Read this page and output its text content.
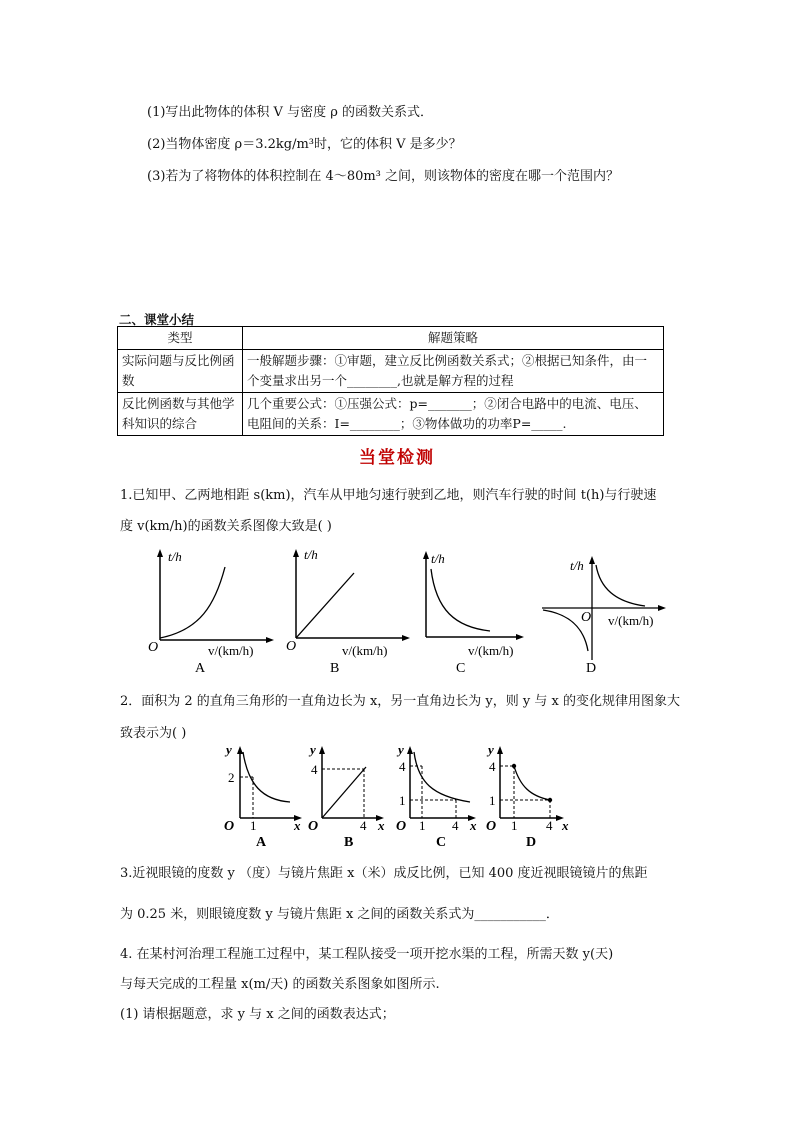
(1)写出此物体的体积 V 与密度 ρ 的函数关系式．
(2)当物体密度 ρ＝3.2kg/m³时，它的体积 V 是多少？
(3)若为了将物体的体积控制在 4～80m³ 之间，则该物体的密度在哪一个范围内？
二、课堂小结
类型	解题策略
实际问题与反比例函数	一般解题步骤：①审题，建立反比例函数关系式；②根据已知条件，由一个变量求出另一个________,也就是解方程的过程
反比例函数与其他学科知识的综合	几个重要公式：①压强公式：p=_______；②闭合电路中的电流、电压、电阻间的关系：I=________；③物体做功的功率P=_____.
当堂检测
1.已知甲、乙两地相距 s(km)，汽车从甲地匀速行驶到乙地，则汽车行驶的时间 t(h)与行驶速
度 v(km/h)的函数关系图像大致是( )
t/h
O	v/(km/h)
A
t/h
O	v/(km/h)
B
t/h
v/(km/h)
C
t/h
O v/(km/h)
D
2．面积为 2 的直角三角形的一直角边长为 x，另一直角边长为 y，则 y 与 x 的变化规律用图象大
致表示为( )
y
2
O 1	x
A
y
4
O	4 x
B
y
4
1
O 1 4 x
C
y
4
1
O 1 4 x
D
3.近视眼镜的度数 y （度）与镜片焦距 x（米）成反比例，已知 400 度近视眼镜镜片的焦距
为 0.25 米，则眼镜度数 y 与镜片焦距 x 之间的函数关系式为___________．
4. 在某村河治理工程施工过程中，某工程队接受一项开挖水渠的工程，所需天数 y(天)
与每天完成的工程量 x(m/天) 的函数关系图象如图所示.
(1) 请根据题意，求 y 与 x 之间的函数表达式；
